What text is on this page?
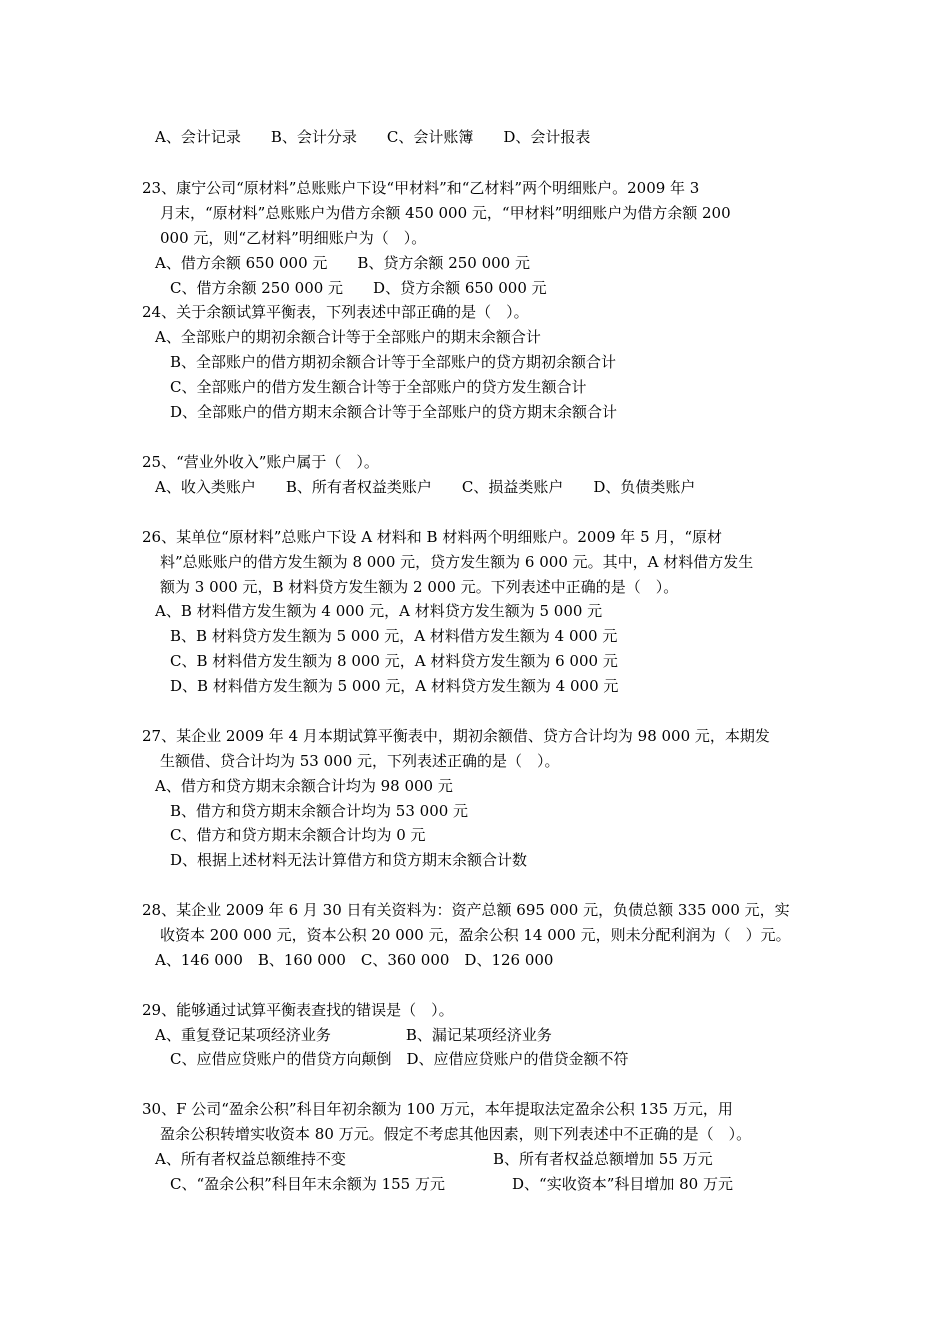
A、会计记录　　B、会计分录　　C、会计账簿　　D、会计报表
23、康宁公司“原材料”总账账户下设“甲材料”和“乙材料”两个明细账户。2009 年 3
月末，“原材料”总账账户为借方余额 450 000 元，“甲材料”明细账户为借方余额 200
000 元，则“乙材料”明细账户为（　）。
A、借方余额 650 000 元　　B、贷方余额 250 000 元
C、借方余额 250 000 元　　D、贷方余额 650 000 元
24、关于余额试算平衡表，下列表述中部正确的是（　）。
A、全部账户的期初余额合计等于全部账户的期末余额合计
B、全部账户的借方期初余额合计等于全部账户的贷方期初余额合计
C、全部账户的借方发生额合计等于全部账户的贷方发生额合计
D、全部账户的借方期末余额合计等于全部账户的贷方期末余额合计
25、“营业外收入”账户属于（　）。
A、收入类账户　　B、所有者权益类账户　　C、损益类账户　　D、负债类账户
26、某单位“原材料”总账户下设 A 材料和 B 材料两个明细账户。2009 年 5 月，“原材
料”总账账户的借方发生额为 8 000 元，贷方发生额为 6 000 元。其中，A 材料借方发生
额为 3 000 元，B 材料贷方发生额为 2 000 元。下列表述中正确的是（　）。
A、B 材料借方发生额为 4 000 元，A 材料贷方发生额为 5 000 元
B、B 材料贷方发生额为 5 000 元，A 材料借方发生额为 4 000 元
C、B 材料借方发生额为 8 000 元，A 材料贷方发生额为 6 000 元
D、B 材料借方发生额为 5 000 元，A 材料贷方发生额为 4 000 元
27、某企业 2009 年 4 月本期试算平衡表中，期初余额借、贷方合计均为 98 000 元，本期发
生额借、贷合计均为 53 000 元，下列表述正确的是（　）。
A、借方和贷方期末余额合计均为 98 000 元
B、借方和贷方期末余额合计均为 53 000 元
C、借方和贷方期末余额合计均为 0 元
D、根据上述材料无法计算借方和贷方期末余额合计数
28、某企业 2009 年 6 月 30 日有关资料为：资产总额 695 000 元，负债总额 335 000 元，实
收资本 200 000 元，资本公积 20 000 元，盈余公积 14 000 元，则未分配利润为（　）元。
A、146 000　B、160 000　C、360 000　D、126 000
29、能够通过试算平衡表查找的错误是（　）。
A、重复登记某项经济业务　　　　　B、漏记某项经济业务
C、应借应贷账户的借贷方向颠倒　D、应借应贷账户的借贷金额不符
30、F 公司“盈余公积”科目年初余额为 100 万元，本年提取法定盈余公积 135 万元，用
盈余公积转增实收资本 80 万元。假定不考虑其他因素，则下列表述中不正确的是（　）。
A、所有者权益总额维持不变	B、所有者权益总额增加 55 万元
C、“盈余公积”科目年末余额为 155 万元	D、“实收资本”科目增加 80 万元
